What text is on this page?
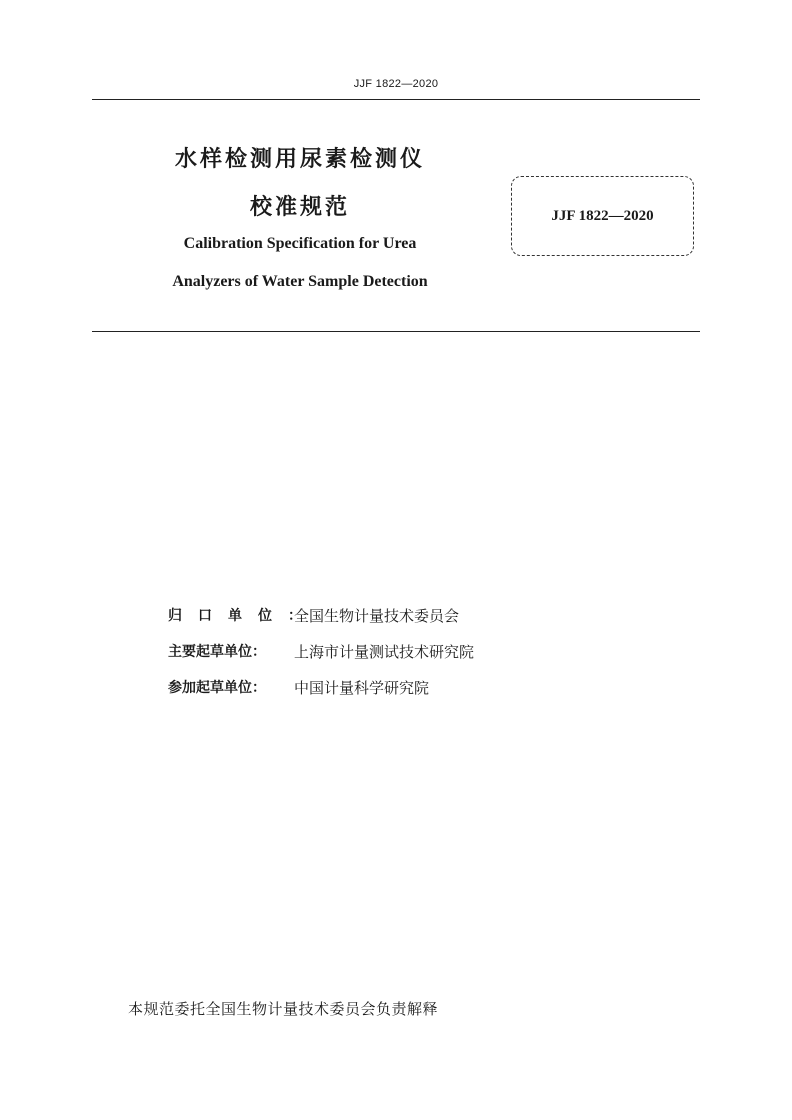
JJF 1822—2020
水样检测用尿素检测仪
校准规范
Calibration Specification for Urea
Analyzers of Water Sample Detection
JJF 1822—2020
归口单位：
全国生物计量技术委员会
主要起草单位：	上海市计量测试技术研究院
参加起草单位：	中国计量科学研究院
本规范委托全国生物计量技术委员会负责解释
